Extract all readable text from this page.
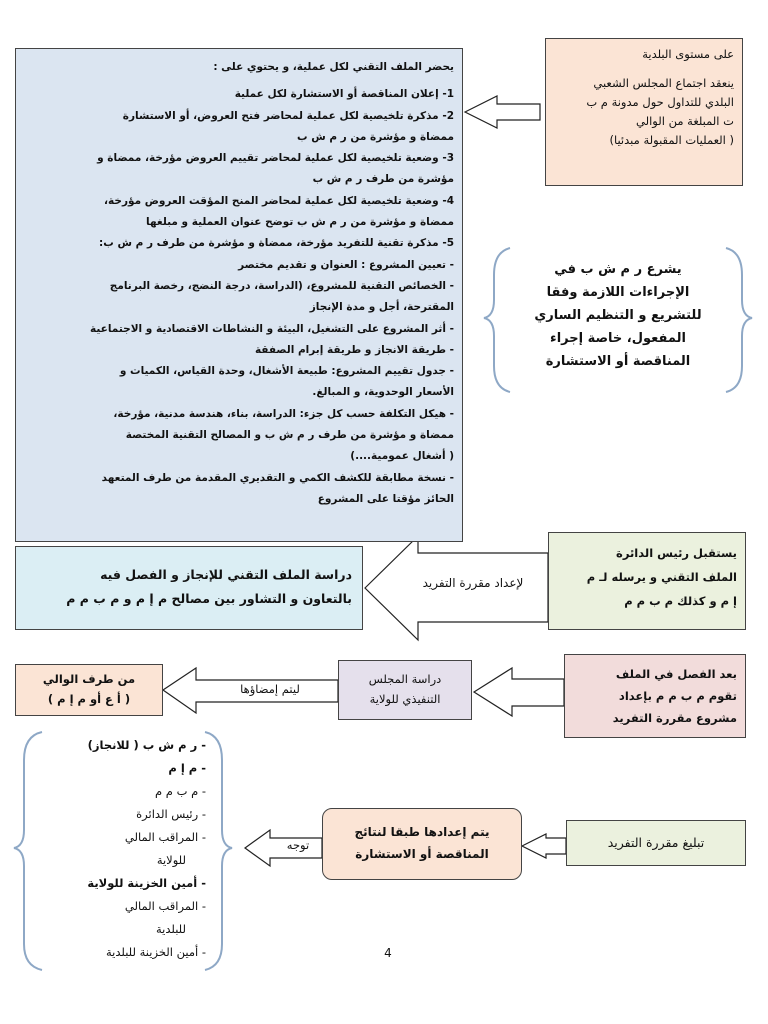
على مستوى البلدية
ينعقد اجتماع المجلس الشعبي
البلدي للتداول حول مدونة م ب
ت المبلغة من الوالي
( العمليات المقبولة مبدئيا)
يحضر الملف التقني لكل عملية، و يحتوي على :
1- إعلان المناقصة أو الاستشارة لكل عملية
2- مذكرة تلخيصية لكل عملية لمحاضر فتح العروض، أو الاستشارة
ممضاة و مؤشرة من ر م ش ب
3- وضعية تلخيصية لكل عملية لمحاضر تقييم العروض مؤرخة، ممضاة و
مؤشرة من طرف ر م ش ب
4- وضعية تلخيصية لكل عملية لمحاضر المنح المؤقت العروض مؤرخة،
ممضاة و مؤشرة من ر م ش ب توضح عنوان العملية و مبلغها
5- مذكرة تقنية للتفريد مؤرخة، ممضاة و مؤشرة من طرف ر م ش ب:
- تعيين المشروع : العنوان و تقديم مختصر
- الخصائص التقنية للمشروع، (الدراسة، درجة النضج، رخصة البرنامج
المقترحة، أجل و مدة الإنجاز
- أثر المشروع على التشغيل، البيئة و النشاطات الاقتصادية و الاجتماعية
- طريقة الانجاز و طريقة إبرام الصفقة
- جدول تقييم المشروع: طبيعة الأشغال، وحدة القياس، الكميات و
الأسعار الوحدوية، و المبالغ.
- هيكل التكلفة حسب كل جزء: الدراسة، بناء، هندسة مدنية، مؤرخة،
ممضاة و مؤشرة من طرف ر م ش ب و المصالح التقنية المختصة
( أشغال عمومية....)
- نسخة مطابقة للكشف الكمي و التقديري المقدمة من طرف المتعهد
الحائز مؤقتا على المشروع
يشرع ر م ش ب في
الإجراءات اللازمة وفقا
للتشريع و التنظيم الساري
المفعول، خاصة إجراء
المناقصة أو الاستشارة
دراسة الملف التقني للإنجاز و الفصل فيه
بالتعاون و التشاور بين مصالح م إ م و م ب م م
لإعداد مقررة التفريد
يستقبل رئيس الدائرة
الملف التقني و يرسله لـ م
إ م و كذلك م ب م م
من طرف الوالي
( أ ع أو م إ م )
ليتم إمضاؤها
دراسة المجلس
التنفيذي للولاية
بعد الفصل في الملف
تقوم م ب م م بإعداد
مشروع مقررة التفريد
- ر م ش ب ( للانجاز)
- م إ م
- م ب م م
- رئيس الدائرة
- المراقب المالي
للولاية
- أمين الخزينة للولاية
- المراقب المالي
للبلدية
- أمين الخزينة للبلدية
توجه
يتم إعدادها طبقا لنتائج
المناقصة أو الاستشارة
تبليغ مقررة التفريد
4
